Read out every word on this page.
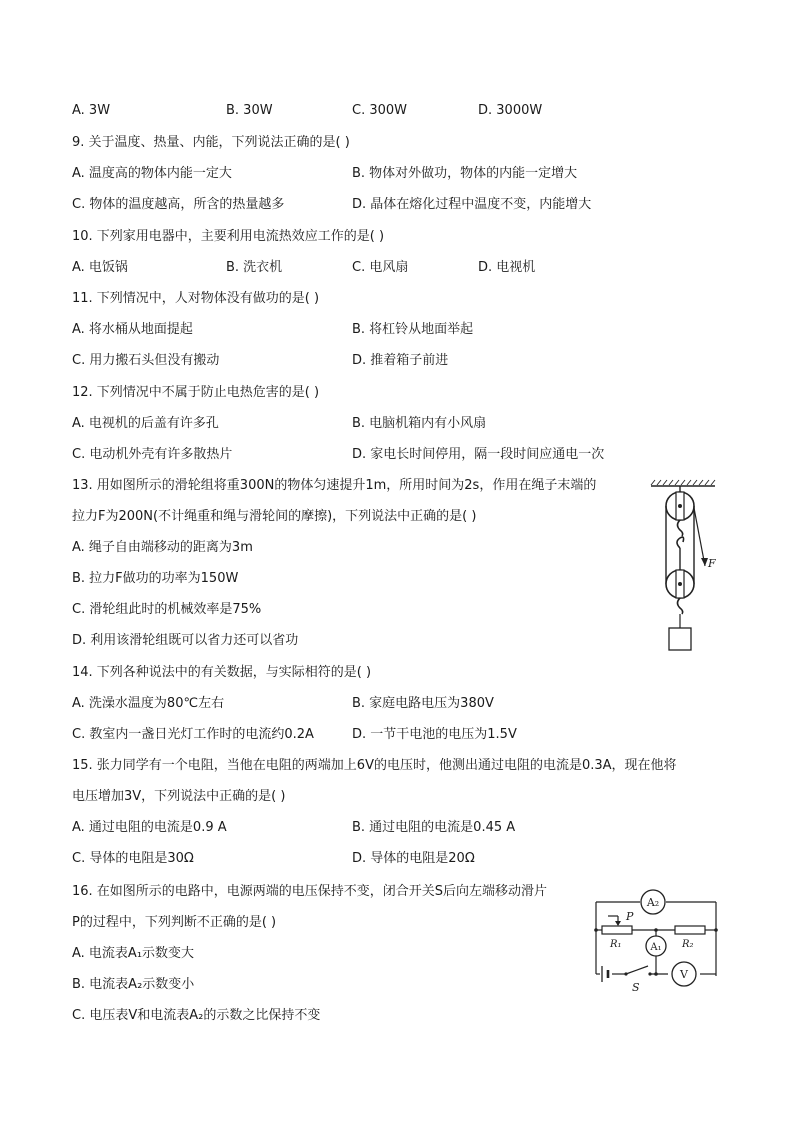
A. 3W	B. 30W	C. 300W	D. 3000W
9. 关于温度、热量、内能，下列说法正确的是( )
A. 温度高的物体内能一定大	B. 物体对外做功，物体的内能一定增大
C. 物体的温度越高，所含的热量越多	D. 晶体在熔化过程中温度不变，内能增大
10. 下列家用电器中，主要利用电流热效应工作的是( )
A. 电饭锅	B. 洗衣机	C. 电风扇	D. 电视机
11. 下列情况中，人对物体没有做功的是( )
A. 将水桶从地面提起	B. 将杠铃从地面举起
C. 用力搬石头但没有搬动	D. 推着箱子前进
12. 下列情况中不属于防止电热危害的是( )
A. 电视机的后盖有许多孔	B. 电脑机箱内有小风扇
C. 电动机外壳有许多散热片	D. 家电长时间停用，隔一段时间应通电一次
13. 用如图所示的滑轮组将重300N的物体匀速提升1m，所用时间为2s，作用在绳子末端的
拉力F为200N(不计绳重和绳与滑轮间的摩擦)，下列说法中正确的是( )
A. 绳子自由端移动的距离为3m
B. 拉力F做功的功率为150W
C. 滑轮组此时的机械效率是75%
D. 利用该滑轮组既可以省力还可以省功
F
14. 下列各种说法中的有关数据，与实际相符的是( )
A. 洗澡水温度为80℃左右	B. 家庭电路电压为380V
C. 教室内一盏日光灯工作时的电流约0.2A	D. 一节干电池的电压为1.5V
15. 张力同学有一个电阻，当他在电阻的两端加上6V的电压时，他测出通过电阻的电流是0.3A，现在他将
电压增加3V，下列说法中正确的是( )
A. 通过电阻的电流是0.9 A	B. 通过电阻的电流是0.45 A
C. 导体的电阻是30Ω	D. 导体的电阻是20Ω
16. 在如图所示的电路中，电源两端的电压保持不变，闭合开关S后向左端移动滑片
P的过程中，下列判断不正确的是( )
A. 电流表A₁示数变大
B. 电流表A₂示数变小
C. 电压表V和电流表A₂的示数之比保持不变
A₂
A₁
V
P
R₁	R₂
S
